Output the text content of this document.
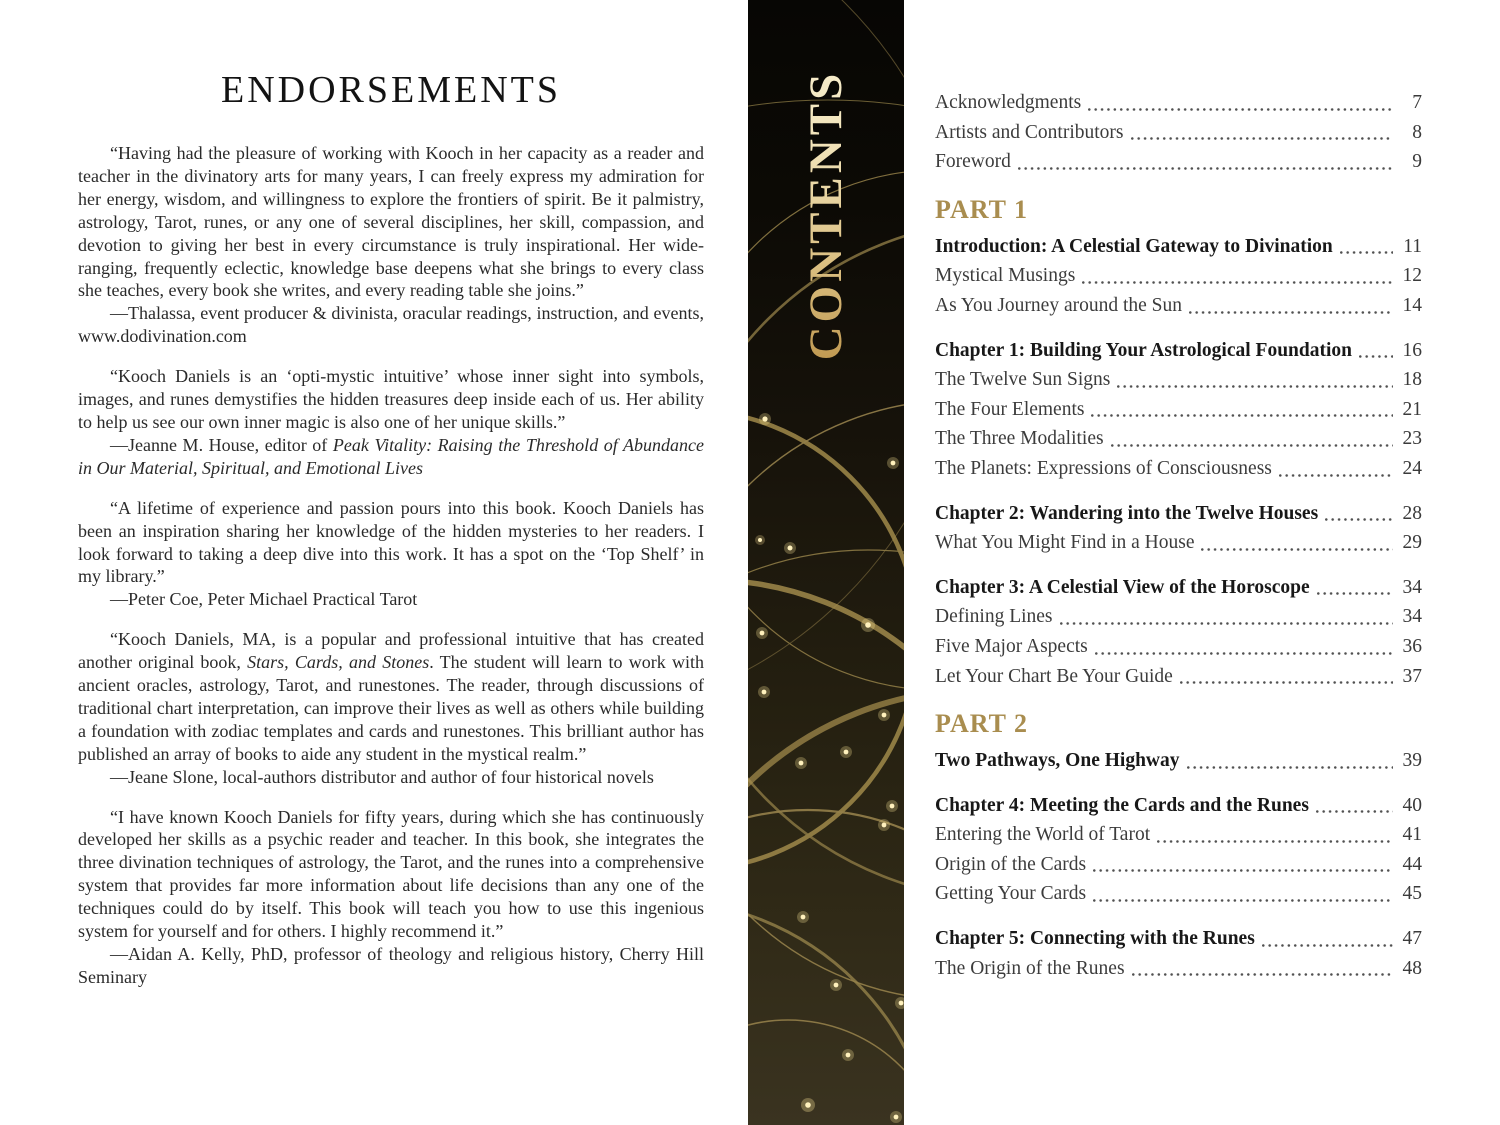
ENDORSEMENTS

“Having had the pleasure of working with Kooch in her capacity as a reader and teacher in the divinatory arts for many years, I can freely express my admiration for her energy, wisdom, and willingness to explore the frontiers of spirit. Be it palmistry, astrology, Tarot, runes, or any one of several disciplines, her skill, compassion, and devotion to giving her best in every circumstance is truly inspirational. Her wide-ranging, frequently eclectic, knowledge base deepens what she brings to every class she teaches, every book she writes, and every reading table she joins.”

—Thalassa, event producer & divinista, oracular readings, instruction, and events, www.dodivination.com

“Kooch Daniels is an ‘opti-mystic intuitive’ whose inner sight into symbols, images, and runes demystifies the hidden treasures deep inside each of us. Her ability to help us see our own inner magic is also one of her unique skills.”

—Jeanne M. House, editor of Peak Vitality: Raising the Threshold of Abundance in Our Material, Spiritual, and Emotional Lives

“A lifetime of experience and passion pours into this book. Kooch Daniels has been an inspiration sharing her knowledge of the hidden mysteries to her readers. I look forward to taking a deep dive into this work. It has a spot on the ‘Top Shelf’ in my library.”

—Peter Coe, Peter Michael Practical Tarot

“Kooch Daniels, MA, is a popular and professional intuitive that has created another original book, Stars, Cards, and Stones. The student will learn to work with ancient oracles, astrology, Tarot, and runestones. The reader, through discussions of traditional chart interpretation, can improve their lives as well as others while building a foundation with zodiac templates and cards and runestones. This brilliant author has published an array of books to aide any student in the mystical realm.”

—Jeane Slone, local-authors distributor and author of four historical novels

“I have known Kooch Daniels for fifty years, during which she has continuously developed her skills as a psychic reader and teacher. In this book, she integrates the three divination techniques of astrology, the Tarot, and the runes into a comprehensive system that provides far more information about life decisions than any one of the techniques could do by itself. This book will teach you how to use this ingenious system for yourself and for others. I highly recommend it.”

—Aidan A. Kelly, PhD, professor of theology and religious history, Cherry Hill Seminary

CONTENTS	Acknowledgments	7
Artists and Contributors	8
Foreword	9
PART 1
Introduction: A Celestial Gateway to Divination	11
Mystical Musings	12
As You Journey around the Sun	14
Chapter 1: Building Your Astrological Foundation	16
The Twelve Sun Signs	18
The Four Elements	21
The Three Modalities	23
The Planets: Expressions of Consciousness	24
Chapter 2: Wandering into the Twelve Houses	28
What You Might Find in a House	29
Chapter 3: A Celestial View of the Horoscope	34
Defining Lines	34
Five Major Aspects	36
Let Your Chart Be Your Guide	37
PART 2
Two Pathways, One Highway	39
Chapter 4: Meeting the Cards and the Runes	40
Entering the World of Tarot	41
Origin of the Cards	44
Getting Your Cards	45
Chapter 5: Connecting with the Runes	47
The Origin of the Runes	48
